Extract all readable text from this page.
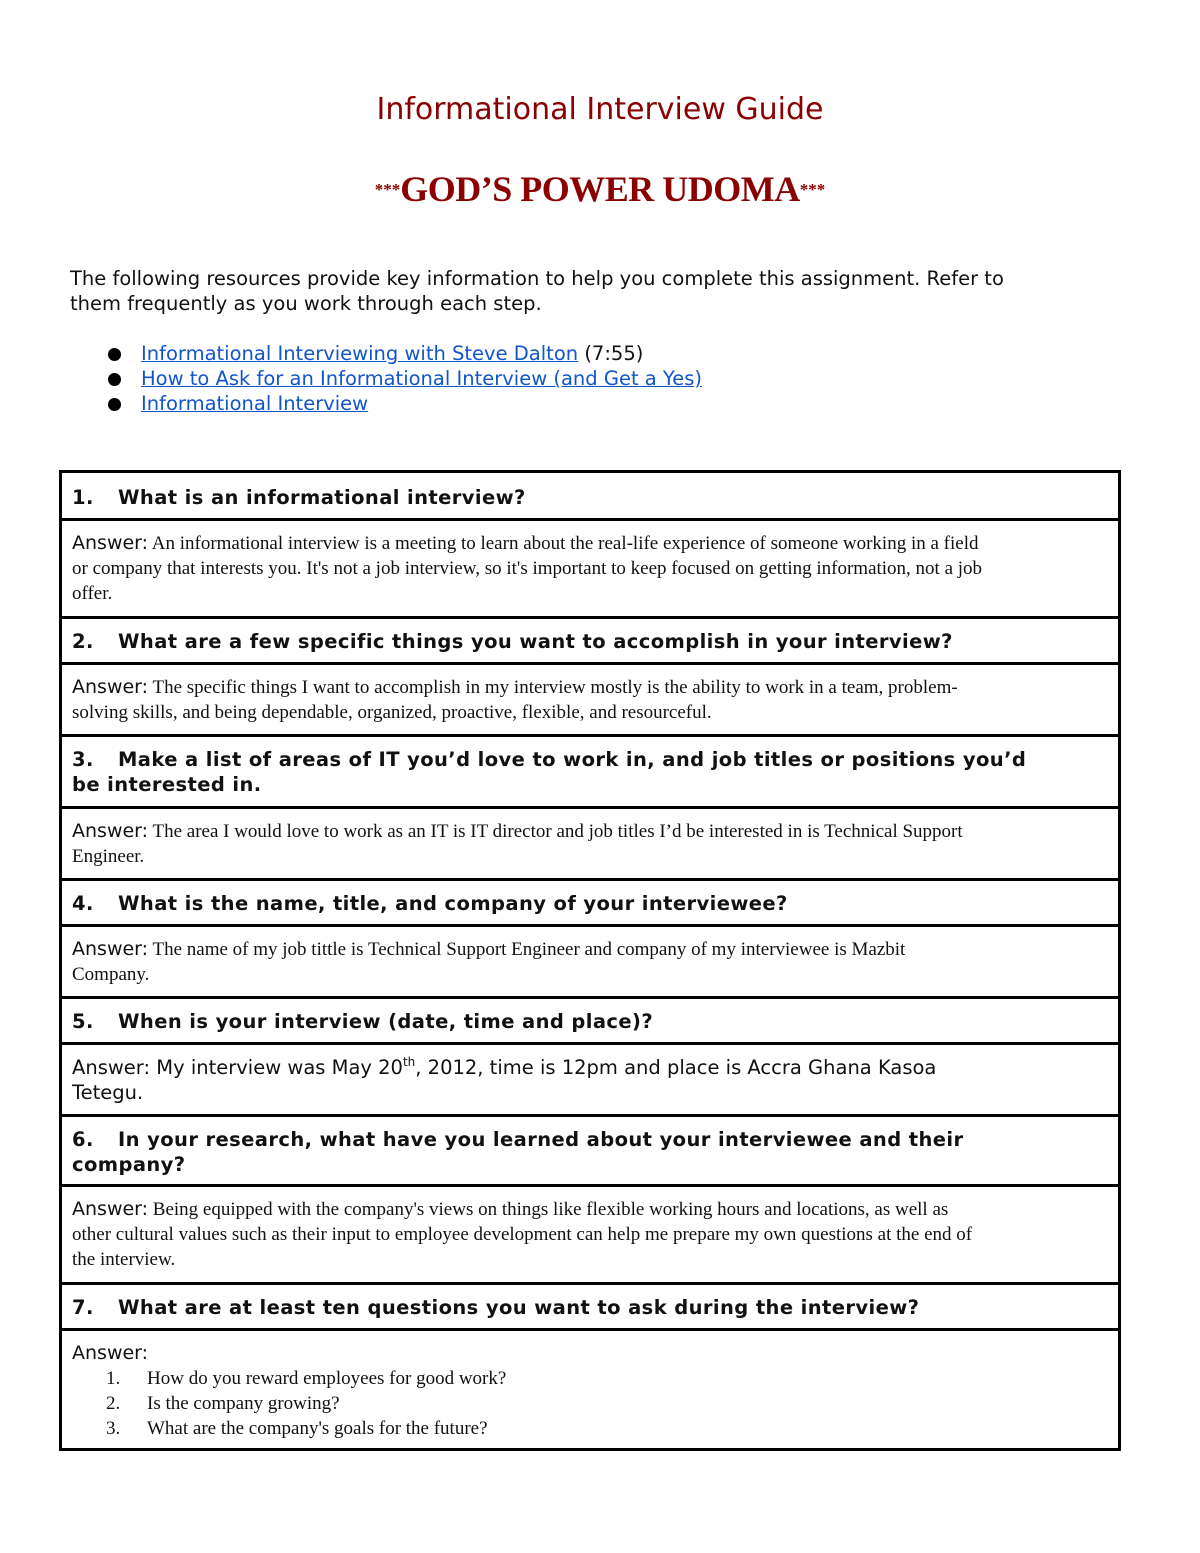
Informational Interview Guide
***GOD’S POWER UDOMA***

The following resources provide key information to help you complete this assignment. Refer to
them frequently as you work through each step.

Informational Interviewing with Steve Dalton (7:55)
How to Ask for an Informational Interview (and Get a Yes)
Informational Interview
1. What is an informational interview?
Answer: An informational interview is a meeting to learn about the real-life experience of someone working in a field
or company that interests you. It's not a job interview, so it's important to keep focused on getting information, not a job
offer.
2. What are a few specific things you want to accomplish in your interview?
Answer: The specific things I want to accomplish in my interview mostly is the ability to work in a team, problem-
solving skills, and being dependable, organized, proactive, flexible, and resourceful.
3. Make a list of areas of IT you’d love to work in, and job titles or positions you’d
be interested in.
Answer: The area I would love to work as an IT is IT director and job titles I’d be interested in is Technical Support
Engineer.
4. What is the name, title, and company of your interviewee?
Answer: The name of my job tittle is Technical Support Engineer and company of my interviewee is Mazbit
Company.
5. When is your interview (date, time and place)?
Answer: My interview was May 20th, 2012, time is 12pm and place is Accra Ghana Kasoa
Tetegu.
6. In your research, what have you learned about your interviewee and their
company?
Answer: Being equipped with the company's views on things like flexible working hours and locations, as well as
other cultural values such as their input to employee development can help me prepare my own questions at the end of
the interview.
7. What are at least ten questions you want to ask during the interview?
Answer:
1. How do you reward employees for good work?
2. Is the company growing?
3. What are the company's goals for the future?
